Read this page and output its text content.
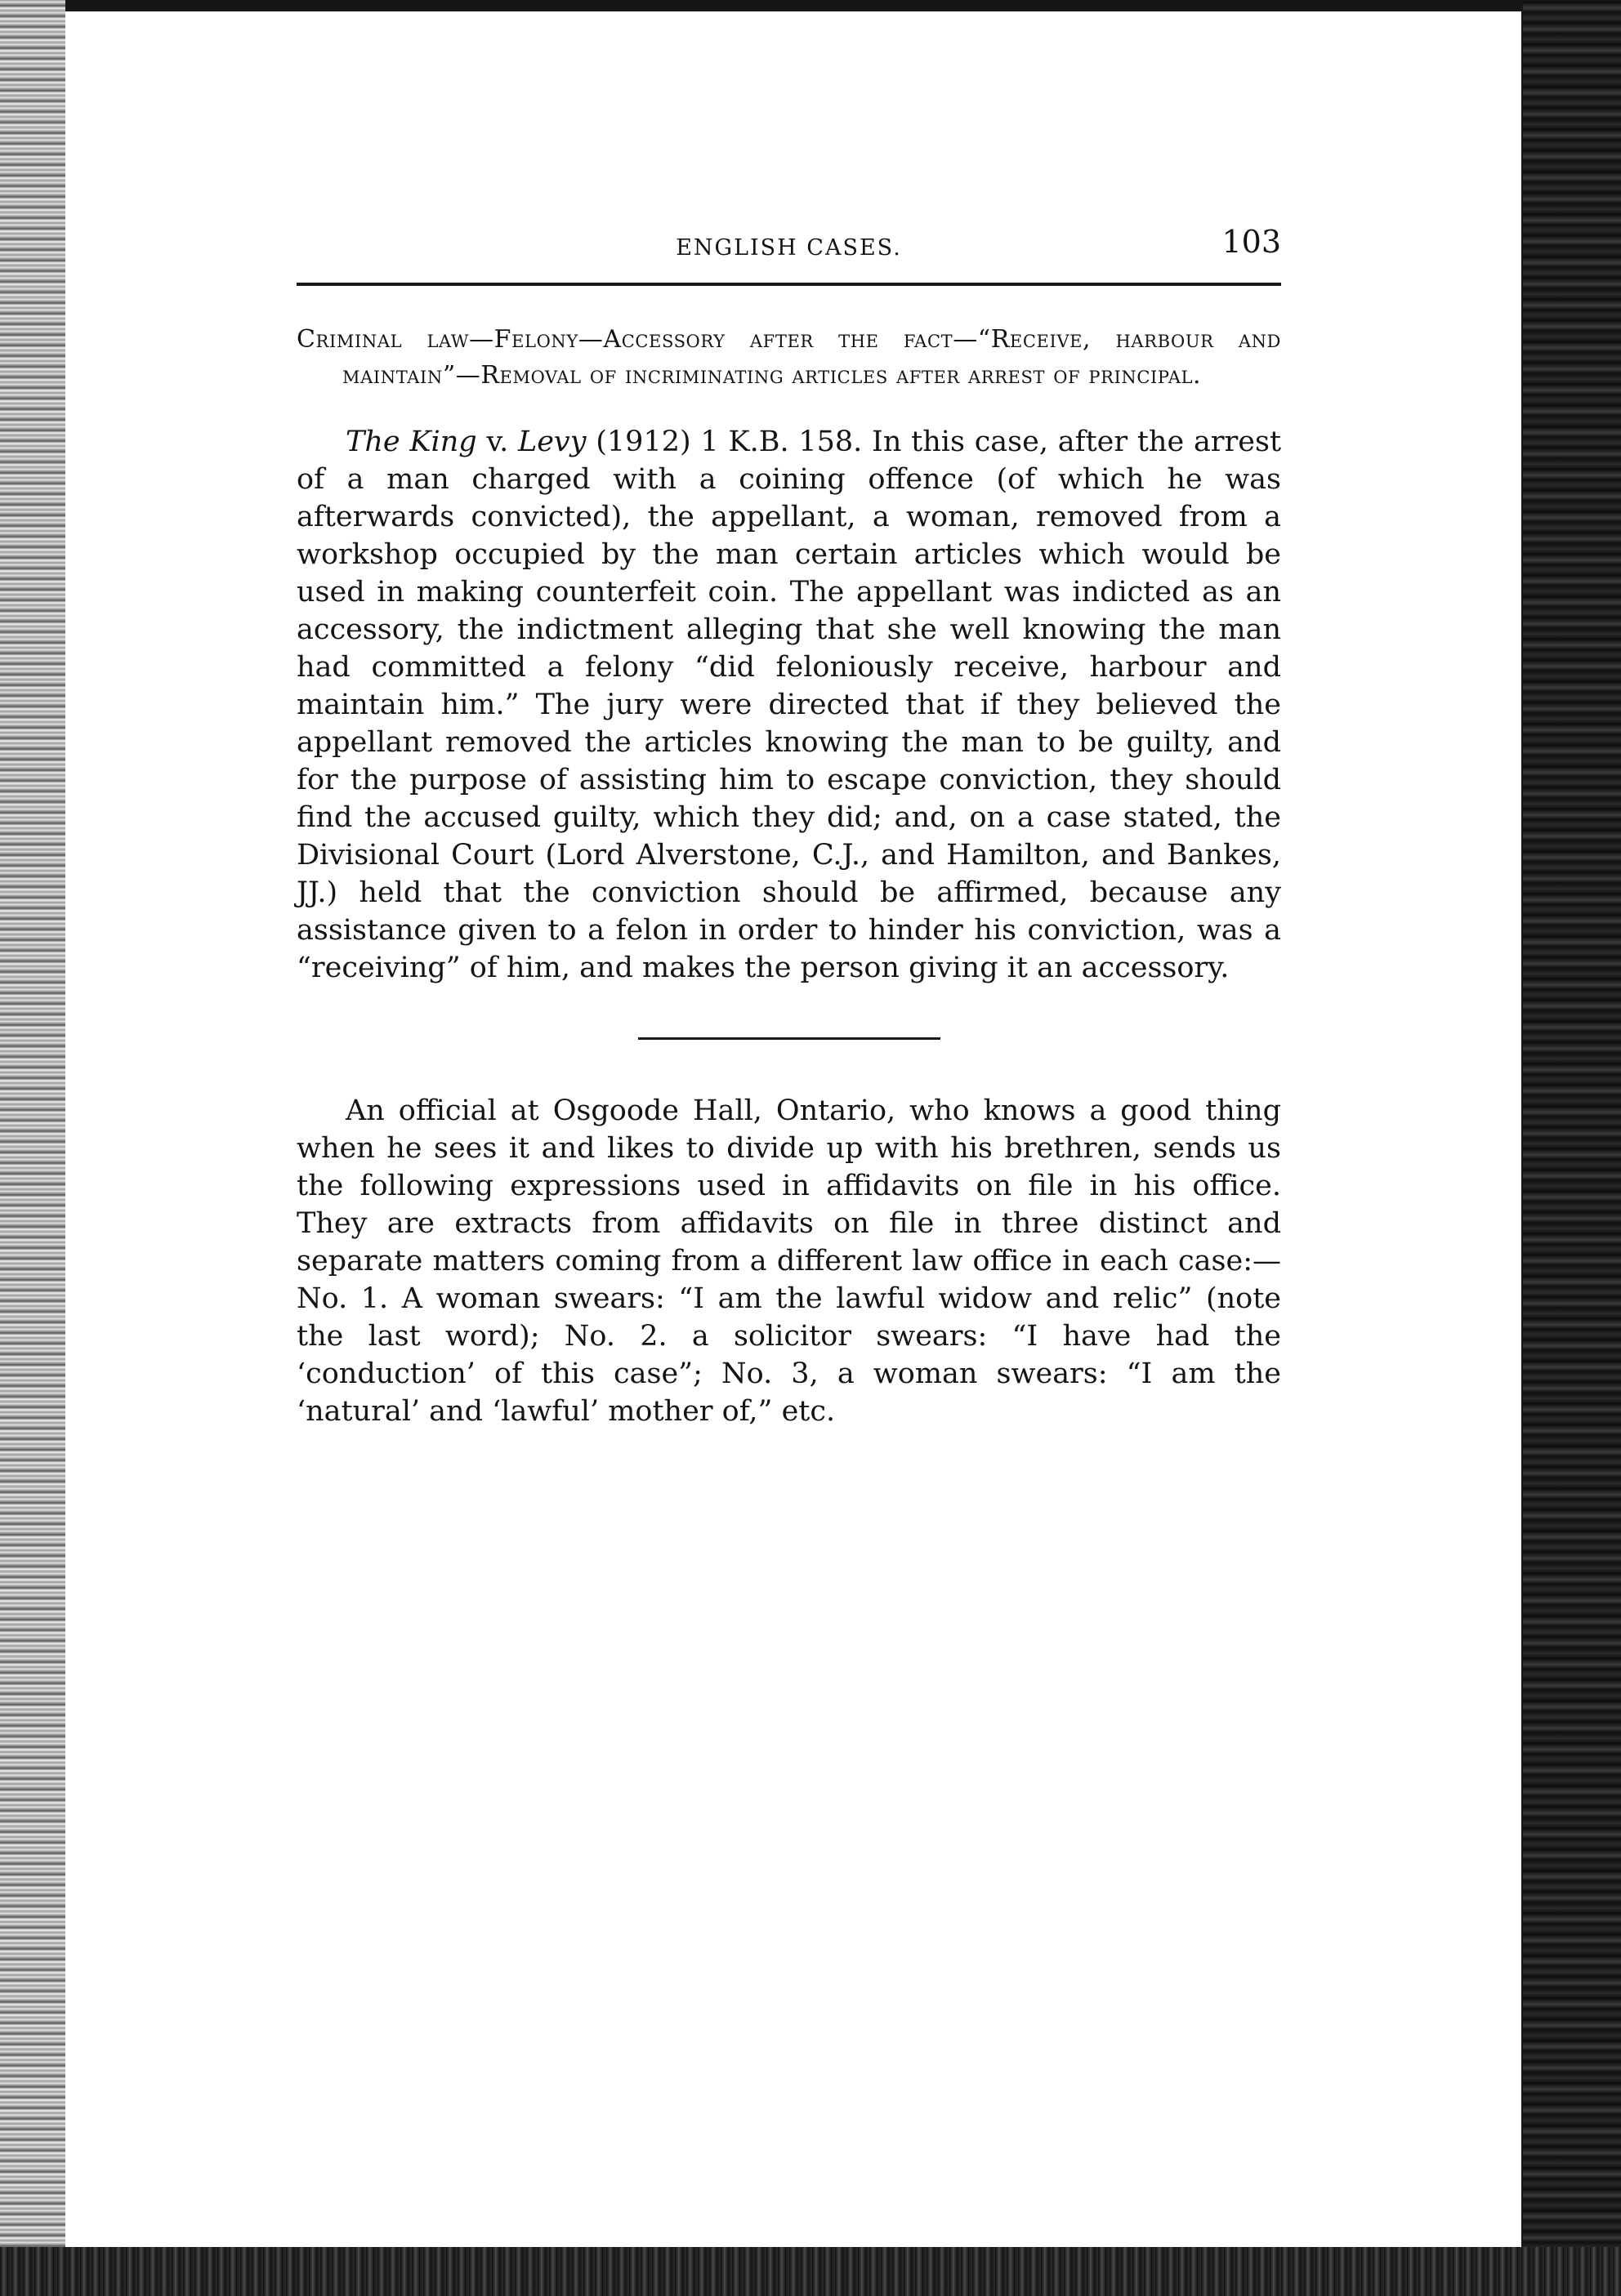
ENGLISH CASES.	103

Criminal law—Felony—Accessory after the fact—“Receive, harbour and maintain”—Removal of incriminating articles after arrest of principal.

The King v. Levy (1912) 1 K.B. 158. In this case, after the arrest of a man charged with a coining offence (of which he was afterwards convicted), the appellant, a woman, removed from a workshop occupied by the man certain articles which would be used in making counterfeit coin. The appellant was indicted as an accessory, the indictment alleging that she well knowing the man had committed a felony “did feloniously receive, harbour and maintain him.” The jury were directed that if they believed the appellant removed the articles knowing the man to be guilty, and for the purpose of assisting him to escape conviction, they should find the accused guilty, which they did; and, on a case stated, the Divisional Court (Lord Alverstone, C.J., and Hamilton, and Bankes, JJ.) held that the conviction should be affirmed, because any assistance given to a felon in order to hinder his conviction, was a “receiving” of him, and makes the person giving it an accessory.

An official at Osgoode Hall, Ontario, who knows a good thing when he sees it and likes to divide up with his brethren, sends us the following expressions used in affidavits on file in his office. They are extracts from affidavits on file in three distinct and separate matters coming from a different law office in each case:—No. 1. A woman swears: “I am the lawful widow and relic” (note the last word); No. 2. a solicitor swears: “I have had the ‘conduction’ of this case”; No. 3, a woman swears: “I am the ‘natural’ and ‘lawful’ mother of,” etc.
